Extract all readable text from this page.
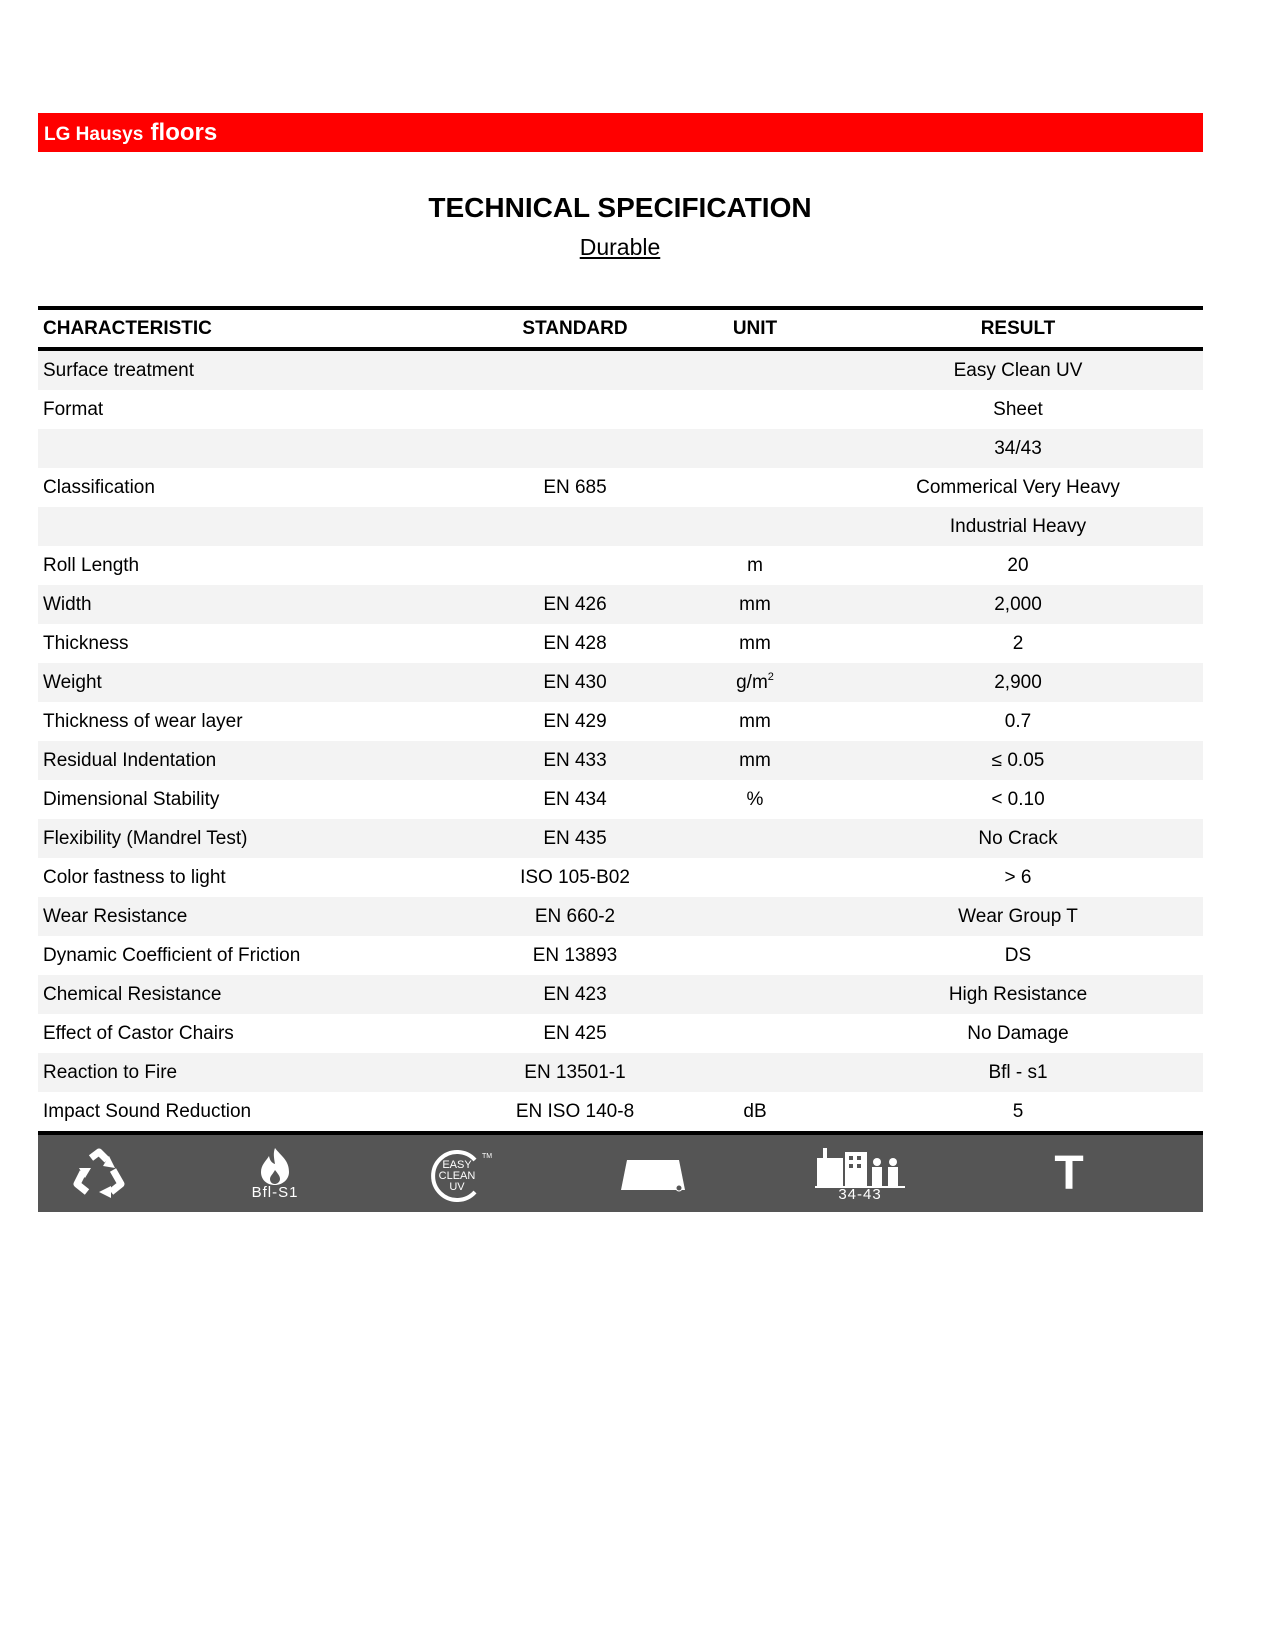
LG Hausys floors
TECHNICAL SPECIFICATION
Durable
CHARACTERISTIC	STANDARD	UNIT	RESULT
Surface treatment			Easy Clean UV
Format			Sheet
			34/43
Classification	EN 685		Commerical Very Heavy
			Industrial Heavy
Roll Length		m	20
Width	EN 426	mm	2,000
Thickness	EN 428	mm	2
Weight	EN 430	$g/m^2$	2,900
Thickness of wear layer	EN 429	mm	0.7
Residual Indentation	EN 433	mm	≤ 0.05
Dimensional Stability	EN 434	%	< 0.10
Flexibility (Mandrel Test)	EN 435		No Crack
Color fastness to light	ISO 105-B02		> 6
Wear Resistance	EN 660-2		Wear Group T
Dynamic Coefficient of Friction	EN 13893		DS
Chemical Resistance	EN 423		High Resistance
Effect of Castor Chairs	EN 425		No Damage
Reaction to Fire	EN 13501-1		Bfl - s1
Impact Sound Reduction	EN ISO 140-8	dB	5
Bfl-S1
EASY
CLEAN
UV
TM
34-43	T
